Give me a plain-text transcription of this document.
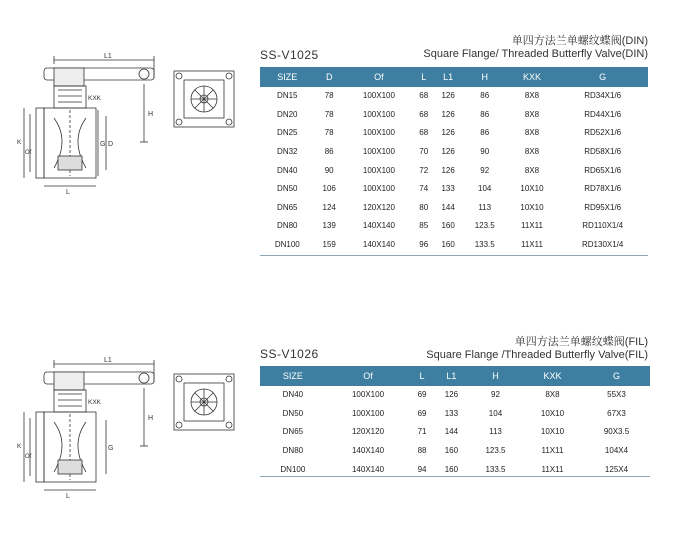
单四方法兰单螺纹蝶阀(DIN)
Square Flange/ Threaded Butterfly Valve(DIN)
SS-V1025
L1
KXK
H
G D
L
K
Of
SIZE	D	Of	L	L1	H	KXK	G
DN15	78	100X100	68	126	86	8X8	RD34X1/6
DN20	78	100X100	68	126	86	8X8	RD44X1/6
DN25	78	100X100	68	126	86	8X8	RD52X1/6
DN32	86	100X100	70	126	90	8X8	RD58X1/6
DN40	90	100X100	72	126	92	8X8	RD65X1/6
DN50	106	100X100	74	133	104	10X10	RD78X1/6
DN65	124	120X120	80	144	113	10X10	RD95X1/6
DN80	139	140X140	85	160	123.5	11X11	RD110X1/4
DN100	159	140X140	96	160	133.5	11X11	RD130X1/4
单四方法兰单螺纹蝶阀(FIL)
Square Flange /Threaded Butterfly Valve(FIL)
SS-V1026
L1
KXK
H
G
L
K
Of
SIZE	Of	L	L1	H	KXK	G
DN40	100X100	69	126	92	8X8	55X3
DN50	100X100	69	133	104	10X10	67X3
DN65	120X120	71	144	113	10X10	90X3.5
DN80	140X140	88	160	123.5	11X11	104X4
DN100	140X140	94	160	133.5	11X11	125X4
